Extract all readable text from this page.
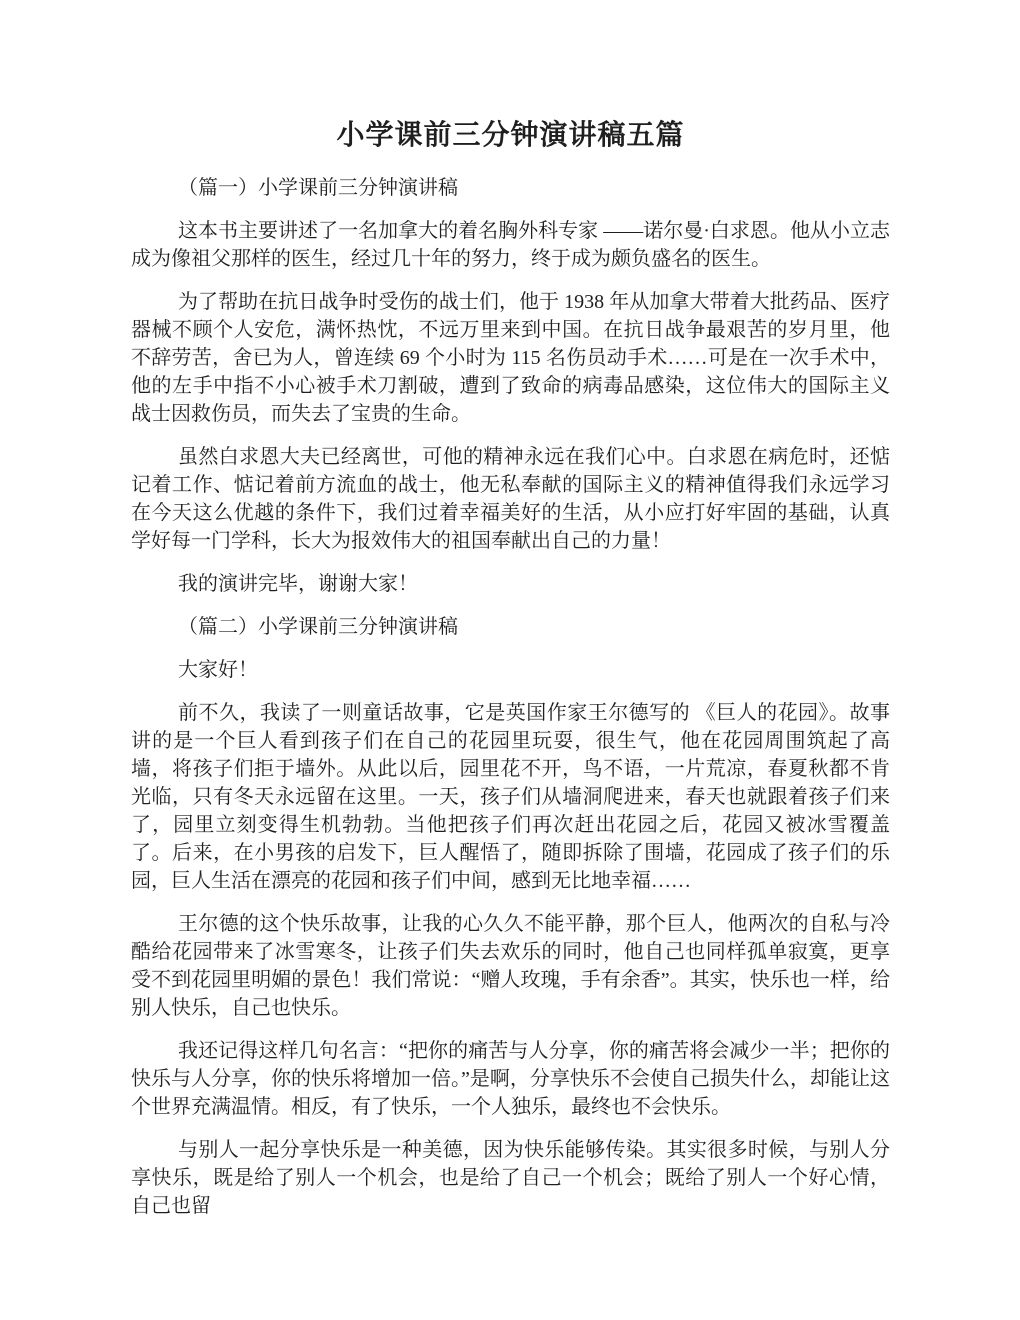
小学课前三分钟演讲稿五篇

（篇一）小学课前三分钟演讲稿

这本书主要讲述了一名加拿大的着名胸外科专家 ——诺尔曼·白求恩。他从小立志成为像祖父那样的医生，经过几十年的努力，终于成为颇负盛名的医生。

为了帮助在抗日战争时受伤的战士们，他于 1938 年从加拿大带着大批药品、医疗器械不顾个人安危，满怀热忱，不远万里来到中国。在抗日战争最艰苦的岁月里，他不辞劳苦，舍已为人，曾连续 69 个小时为 115 名伤员动手术……可是在一次手术中，他的左手中指不小心被手术刀割破，遭到了致命的病毒品感染，这位伟大的国际主义战士因救伤员，而失去了宝贵的生命。

虽然白求恩大夫已经离世，可他的精神永远在我们心中。白求恩在病危时，还惦记着工作、惦记着前方流血的战士，他无私奉献的国际主义的精神值得我们永远学习在今天这么优越的条件下，我们过着幸福美好的生活，从小应打好牢固的基础，认真学好每一门学科，长大为报效伟大的祖国奉献出自己的力量！

我的演讲完毕，谢谢大家！

（篇二）小学课前三分钟演讲稿

大家好！

前不久，我读了一则童话故事，它是英国作家王尔德写的 《巨人的花园》。故事讲的是一个巨人看到孩子们在自己的花园里玩耍，很生气，他在花园周围筑起了高墙，将孩子们拒于墙外。从此以后，园里花不开，鸟不语，一片荒凉，春夏秋都不肯光临，只有冬天永远留在这里。一天，孩子们从墙洞爬进来，春天也就跟着孩子们来了，园里立刻变得生机勃勃。当他把孩子们再次赶出花园之后，花园又被冰雪覆盖了。后来，在小男孩的启发下，巨人醒悟了，随即拆除了围墙，花园成了孩子们的乐园，巨人生活在漂亮的花园和孩子们中间，感到无比地幸福……

王尔德的这个快乐故事，让我的心久久不能平静，那个巨人，他两次的自私与冷酷给花园带来了冰雪寒冬，让孩子们失去欢乐的同时，他自己也同样孤单寂寞，更享受不到花园里明媚的景色！我们常说：“赠人玫瑰，手有余香”。其实，快乐也一样，给别人快乐，自己也快乐。

我还记得这样几句名言：“把你的痛苦与人分享，你的痛苦将会减少一半；把你的快乐与人分享，你的快乐将增加一倍。”是啊，分享快乐不会使自己损失什么，却能让这个世界充满温情。相反，有了快乐，一个人独乐，最终也不会快乐。

与别人一起分享快乐是一种美德，因为快乐能够传染。其实很多时候，与别人分享快乐，既是给了别人一个机会，也是给了自己一个机会；既给了别人一个好心情，自己也留
